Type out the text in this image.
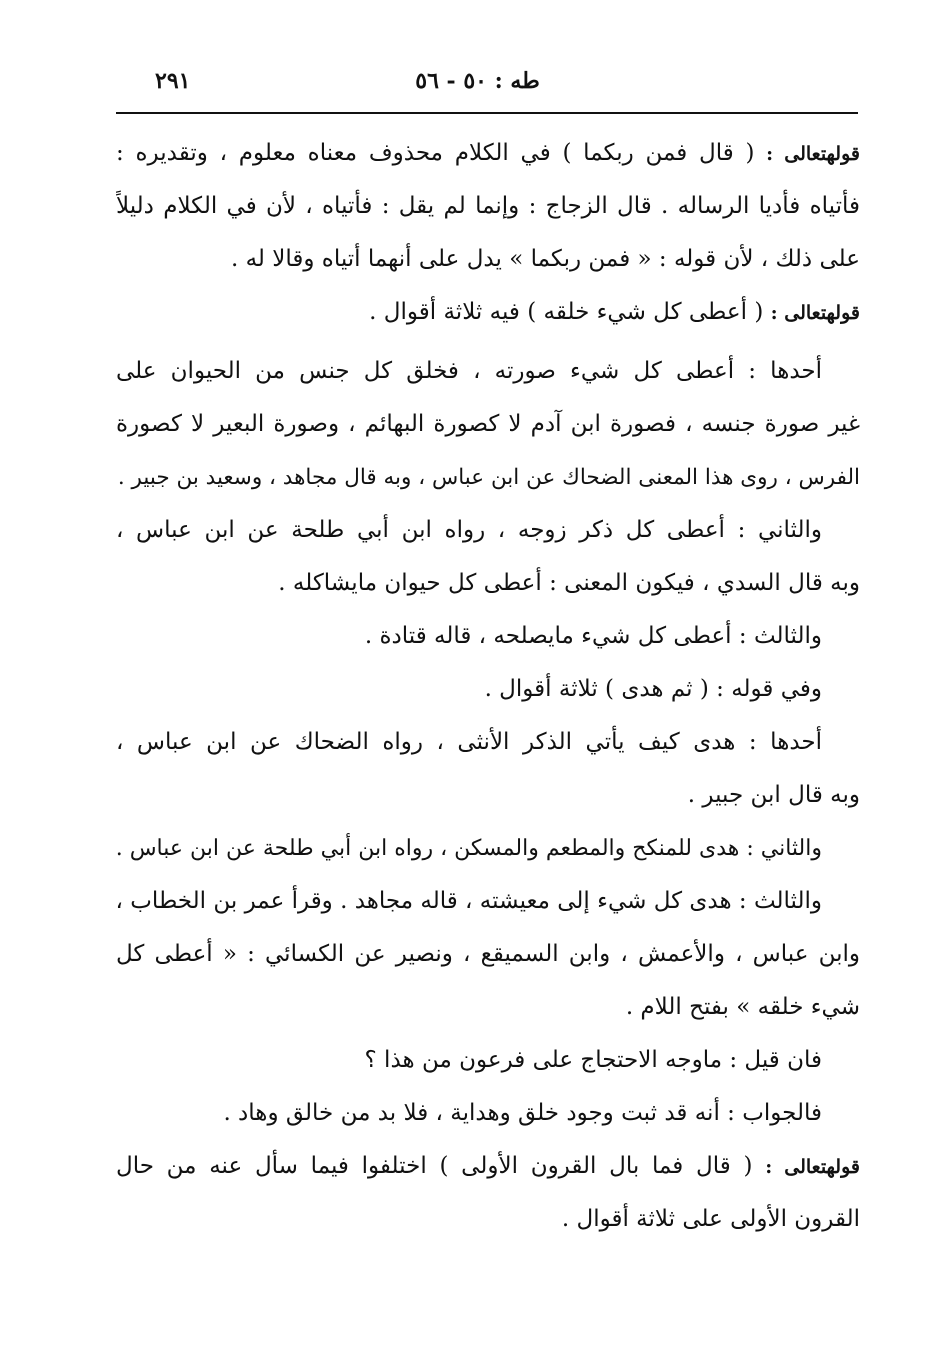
٢٩١	طه : ٥٠ - ٥٦
قولهتعالى : ( قال فمن ربكما ) في الكلام محذوف معناه معلوم ، وتقديره :
فأتياه فأديا الرساله . قال الزجاج : وإنما لم يقل : فأتياه ، لأن في الكلام دليلاً
على ذلك ، لأن قوله : « فمن ربكما » يدل على أنهما أتياه وقالا له .
قولهتعالى : ( أعطى كل شيء خلقه ) فيه ثلاثة أقوال .
أحدها : أعطى كل شيء صورته ، فخلق كل جنس من الحيوان على
غير صورة جنسه ، فصورة ابن آدم لا كصورة البهائم ، وصورة البعير لا كصورة
الفرس ، روى هذا المعنى الضحاك عن ابن عباس ، وبه قال مجاهد ، وسعيد بن جبير .
والثاني : أعطى كل ذكر زوجه ، رواه ابن أبي طلحة عن ابن عباس ،
وبه قال السدي ، فيكون المعنى : أعطى كل حيوان مايشاكله .
والثالث : أعطى كل شيء مايصلحه ، قاله قتادة .
وفي قوله : ( ثم هدى ) ثلاثة أقوال .
أحدها : هدى كيف يأتي الذكر الأنثى ، رواه الضحاك عن ابن عباس ،
وبه قال ابن جبير .
والثاني : هدى للمنكح والمطعم والمسكن ، رواه ابن أبي طلحة عن ابن عباس .
والثالث : هدى كل شيء إلى معيشته ، قاله مجاهد . وقرأ عمر بن الخطاب ،
وابن عباس ، والأعمش ، وابن السميقع ، ونصير عن الكسائي : « أعطى كل
شيء خلقه » بفتح اللام .
فان قيل : ماوجه الاحتجاج على فرعون من هذا ؟
فالجواب : أنه قد ثبت وجود خلق وهداية ، فلا بد من خالق وهاد .
قولهتعالى : ( قال فما بال القرون الأولى ) اختلفوا فيما سأل عنه من حال
القرون الأولى على ثلاثة أقوال .
